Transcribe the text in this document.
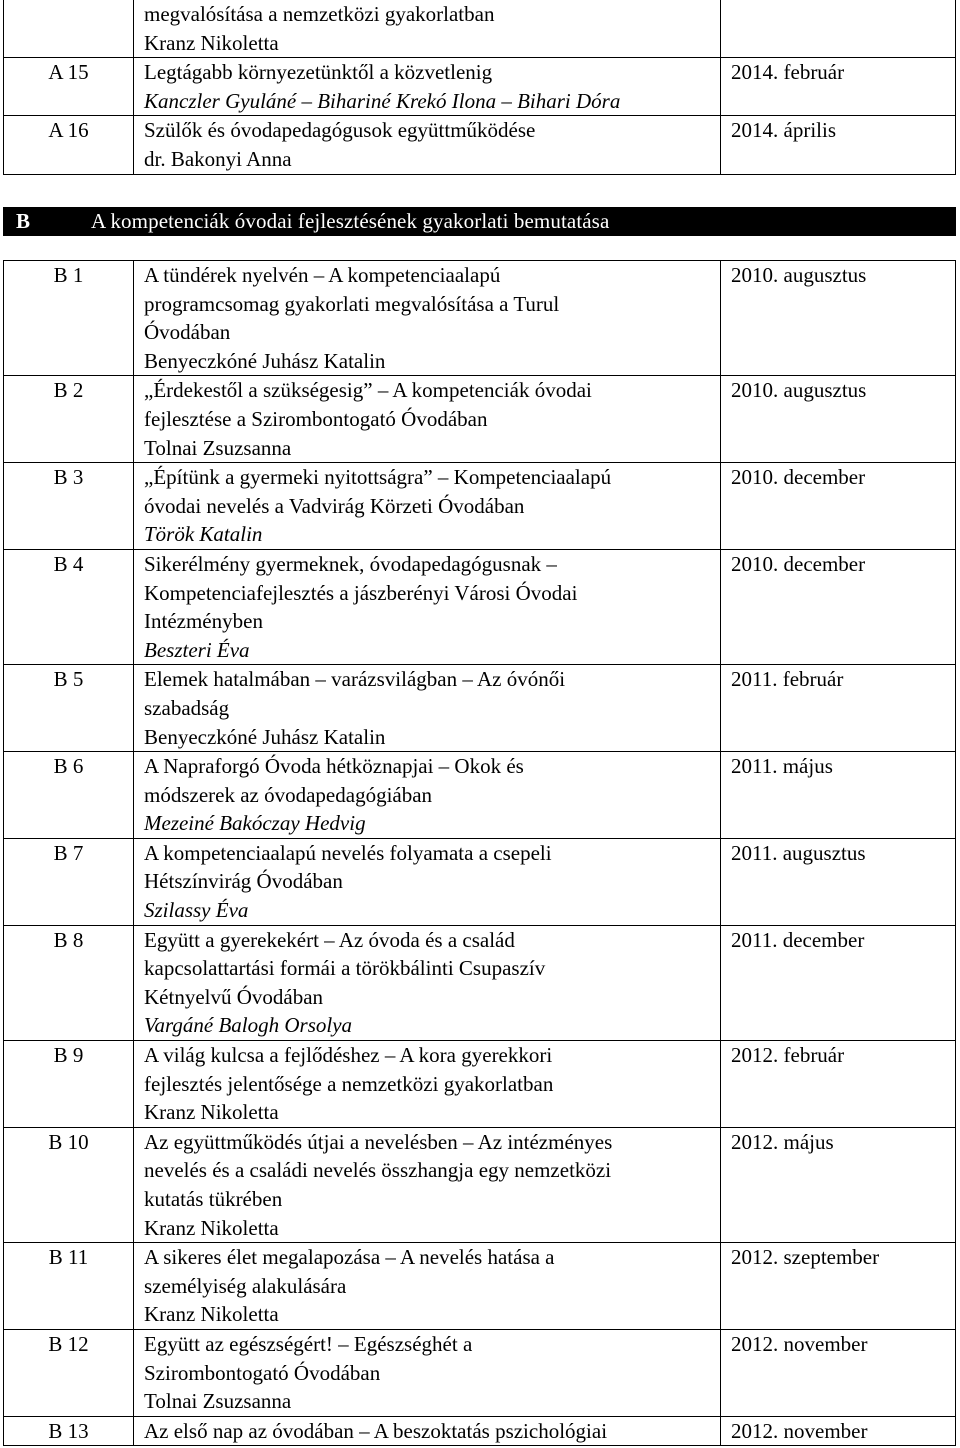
	megvalósítása a nemzetközi gyakorlatban
Kranz Nikoletta	

A 15	Legtágabb környezetünktől a közvetlenig
Kanczler Gyuláné – Bihariné Krekó Ilona – Bihari Dóra	2014. február
A 16	Szülők és óvodapedagógusok együttműködése
dr. Bakonyi Anna	2014. április
B	A kompetenciák óvodai fejlesztésének gyakorlati bemutatása
B 1	A tündérek nyelvén – A kompetenciaalapú
programcsomag gyakorlati megvalósítása a Turul
Óvodában
Benyeczkóné Juhász Katalin	2010. augusztus
B 2	„Érdekestől a szükségesig” – A kompetenciák óvodai
fejlesztése a Szirombontogató Óvodában
Tolnai Zsuzsanna	2010. augusztus
B 3	„Építünk a gyermeki nyitottságra” – Kompetenciaalapú
óvodai nevelés a Vadvirág Körzeti Óvodában
Török Katalin	2010. december
B 4	Sikerélmény gyermeknek, óvodapedagógusnak –
Kompetenciafejlesztés a jászberényi Városi Óvodai
Intézményben
Beszteri Éva	2010. december
B 5	Elemek hatalmában – varázsvilágban – Az óvónői
szabadság
Benyeczkóné Juhász Katalin	2011. február
B 6	A Napraforgó Óvoda hétköznapjai – Okok és
módszerek az óvodapedagógiában
Mezeiné Bakóczay Hedvig	2011. május
B 7	A kompetenciaalapú nevelés folyamata a csepeli
Hétszínvirág Óvodában
Szilassy Éva	2011. augusztus
B 8	Együtt a gyerekekért – Az óvoda és a család
kapcsolattartási formái a törökbálinti Csupaszív
Kétnyelvű Óvodában
Vargáné Balogh Orsolya	2011. december
B 9	A világ kulcsa a fejlődéshez – A kora gyerekkori
fejlesztés jelentősége a nemzetközi gyakorlatban
Kranz Nikoletta	2012. február
B 10	Az együttműködés útjai a nevelésben – Az intézményes
nevelés és a családi nevelés összhangja egy nemzetközi
kutatás tükrében
Kranz Nikoletta	2012. május
B 11	A sikeres élet megalapozása – A nevelés hatása a
személyiség alakulására
Kranz Nikoletta	2012. szeptember
B 12	Együtt az egészségért! – Egészséghét a
Szirombontogató Óvodában
Tolnai Zsuzsanna	2012. november
B 13	Az első nap az óvodában – A beszoktatás pszichológiai	2012. november
